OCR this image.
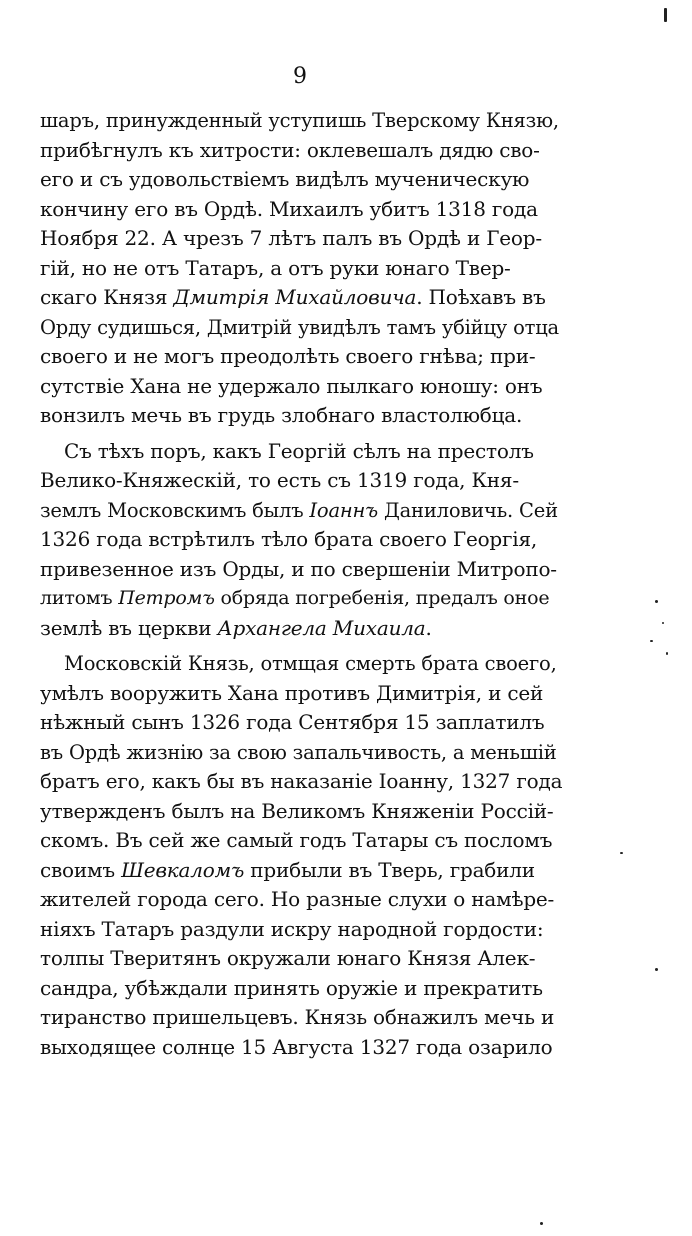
9
шаръ, принужденный уступишь Тверскому Князю,
прибѣгнулъ къ хитрости: оклевешалъ дядю сво-
его и съ удовольствіемъ видѣлъ мученическую
кончину его въ Ордѣ. Михаилъ убитъ 1318 года
Ноября 22. А чрезъ 7 лѣтъ палъ въ Ордѣ и Геор-
гій, но не отъ Татаръ, а отъ руки юнаго Твер-
скаго Князя Дмитрія Михайловича. Поѣхавъ въ
Орду судишься, Дмитрій увидѣлъ тамъ убійцу отца
своего и не могъ преодолѣть своего гнѣва; при-
сутствіе Хана не удержало пылкаго юношу: онъ
вонзилъ мечь въ грудь злобнаго властолюбца.
Съ тѣхъ поръ, какъ Георгій сѣлъ на престолъ
Велико-Княжескій, то есть съ 1319 года, Кня-
землъ Московскимъ былъ Іоаннъ Даниловичь. Сей
1326 года встрѣтилъ тѣло брата своего Георгія,
привезенное изъ Орды, и по свершеніи Митропо-
литомъ Петромъ обряда погребенія, предалъ оное
землѣ въ церкви Архангела Михаила.
Московскій Князь, отмщая смерть брата своего,
умѣлъ вооружить Хана противъ Димитрія, и сей
нѣжный сынъ 1326 года Сентября 15 заплатилъ
въ Ордѣ жизнію за свою запальчивость, а меньшій
братъ его, какъ бы въ наказаніе Іоанну, 1327 года
утвержденъ былъ на Великомъ Княженіи Россій-
скомъ. Въ сей же самый годъ Татары съ посломъ
своимъ Шевкаломъ прибыли въ Тверь, грабили
жителей города сего. Но разные слухи о намѣре-
ніяхъ Татаръ раздули искру народной гордости:
толпы Тверитянъ окружали юнаго Князя Алек-
сандра, убѣждали принять оружіе и прекратить
тиранство пришельцевъ. Князь обнажилъ мечь и
выходящее солнце 15 Августа 1327 года озарило
